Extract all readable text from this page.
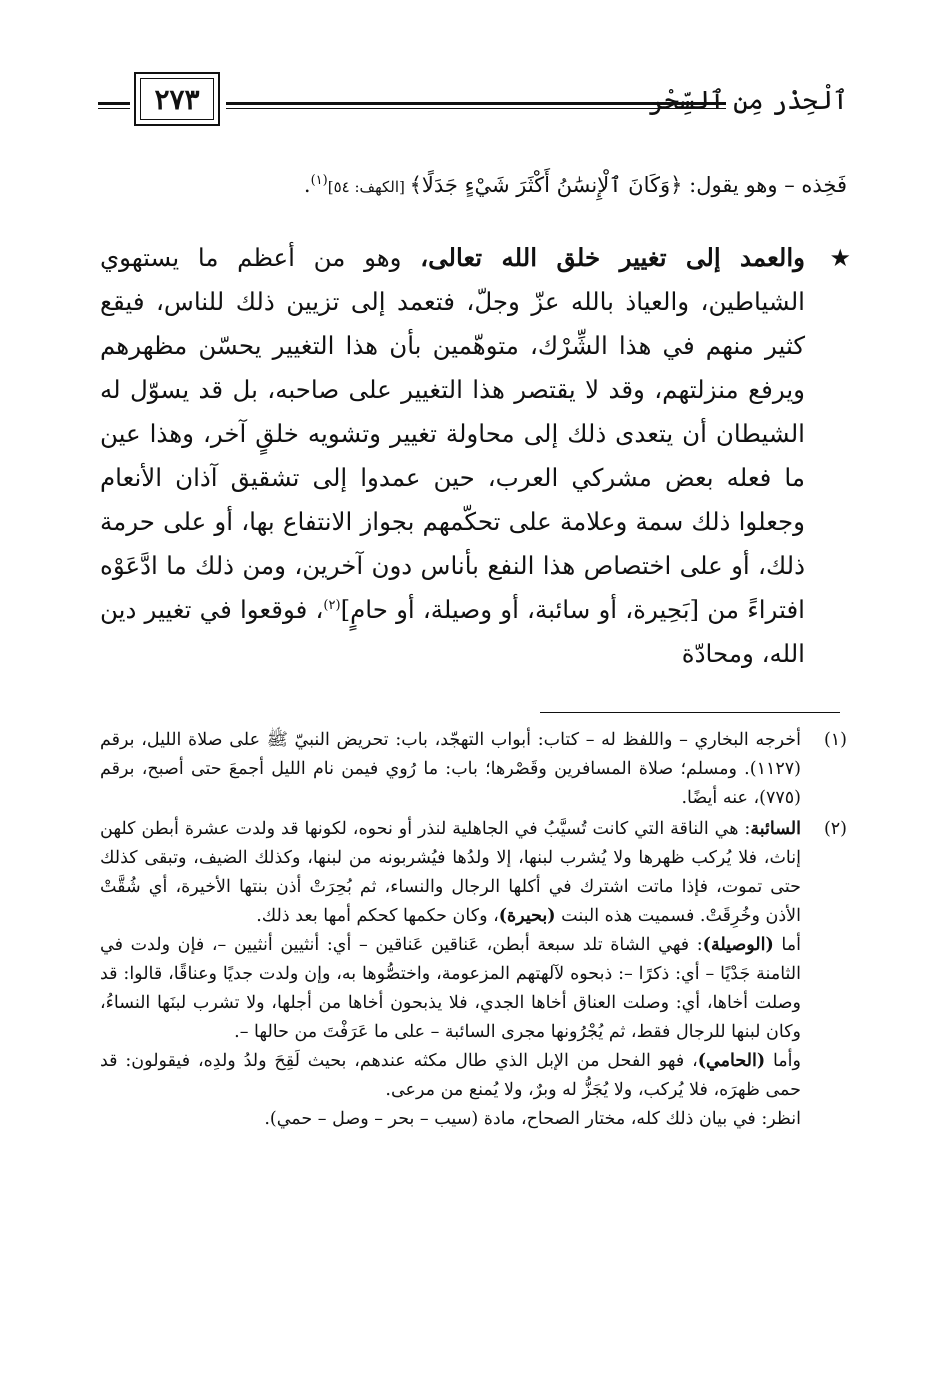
ٱلْحِذْر مِن ٱلسِّحْر
٢٧٣
فَخِذه – وهو يقول: ﴿وَكَانَ ٱلْإِنسَٰنُ أَكْثَرَ شَيْءٍ جَدَلًا﴾ [الكهف: ٥٤]$^{(١)}$.
★

والعمد إلى تغيير خلق الله تعالى، وهو من أعظم ما يستهوي الشياطين، والعياذ بالله عزّ وجلّ، فتعمد إلى تزيين ذلك للناس، فيقع كثير منهم في هذا الشِّرْك، متوهّمين بأن هذا التغيير يحسّن مظهرهم ويرفع منزلتهم، وقد لا يقتصر هذا التغيير على صاحبه، بل قد يسوّل له الشيطان أن يتعدى ذلك إلى محاولة تغيير وتشويه خلقٍ آخر، وهذا عين ما فعله بعض مشركي العرب، حين عمدوا إلى تشقيق آذان الأنعام وجعلوا ذلك سمة وعلامة على تحكّمهم بجواز الانتفاع بها، أو على حرمة ذلك، أو على اختصاص هذا النفع بأناس دون آخرين، ومن ذلك ما ادَّعَوْه افتراءً من [بَحِيرة، أو سائبة، أو وصيلة، أو حامٍ]$^{(٢)}$، فوقعوا في تغيير دين الله، ومحادّة

(١)

أخرجه البخاري – واللفظ له – كتاب: أبواب التهجّد، باب: تحريض النبيّ ﷺ على صلاة الليل، برقم (١١٢٧). ومسلم؛ صلاة المسافرين وقَصْرها؛ باب: ما رُوي فيمن نام الليل أجمعَ حتى أصبح، برقم (٧٧٥)، عنه أيضًا.

(٢)

السائبة: هي الناقة التي كانت تُسيَّبُ في الجاهلية لنذر أو نحوه، لكونها قد ولدت عشرة أبطن كلهن إناث، فلا يُركب ظهرها ولا يُشرب لبنها، إلا ولدُها فيُشربونه من لبنها، وكذلك الضيف، وتبقى كذلك حتى تموت، فإذا ماتت اشترك في أكلها الرجال والنساء، ثم بُحِرَتْ أذن بنتها الأخيرة، أي شُقَّتْ الأذن وخُرِقَتْ. فسميت هذه البنت (بحيرة)، وكان حكمها كحكم أمها بعد ذلك.

أما (الوصيلة): فهي الشاة تلد سبعة أبطن، عَناقين عَناقين – أي: أنثيين أنثيين –، فإن ولدت في الثامنة جَدْيًا – أي: ذكرًا –: ذبحوه لآلهتهم المزعومة، واختصُّوها به، وإن ولدت جديًا وعناقًا، قالوا: قد وصلت أخاها، أي: وصلت العناق أخاها الجدي، فلا يذبحون أخاها من أجلها، ولا تشرب لبنَها النساءُ، وكان لبنها للرجال فقط، ثم يُجْرُونها مجرى السائبة – على ما عَرَفْتَ من حالها –.

وأما (الحامي)، فهو الفحل من الإبل الذي طال مكثه عندهم، بحيث لَقِحَ ولدُ ولدِه، فيقولون: قد حمى ظهرَه، فلا يُركب، ولا يُجَزُّ له وبرٌ، ولا يُمنع من مرعى.

انظر: في بيان ذلك كله، مختار الصحاح، مادة (سيب – بحر – وصل – حمي).
